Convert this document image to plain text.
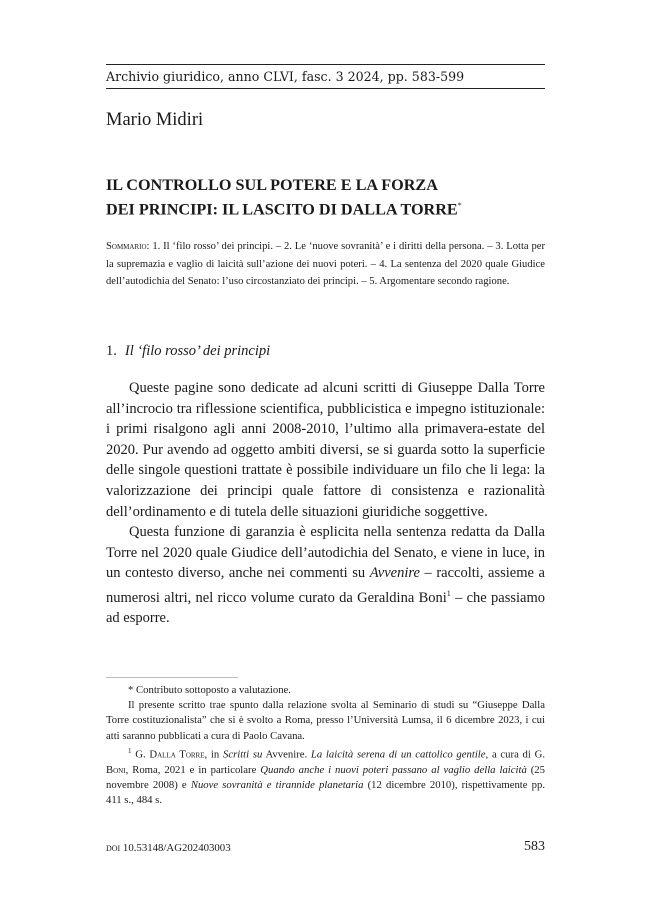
Archivio giuridico, anno CLVI, fasc. 3 2024, pp. 583-599
Mario Midiri
IL CONTROLLO SUL POTERE E LA FORZA
DEI PRINCIPI: IL LASCITO DI DALLA TORRE*
Sommario: 1. Il ‘filo rosso’ dei principi. – 2. Le ‘nuove sovranità’ e i diritti della persona. – 3. Lotta per la supremazia e vaglio di laicità sull’azione dei nuovi poteri. – 4. La sentenza del 2020 quale Giudice dell’autodichia del Senato: l’uso circostanziato dei principi. – 5. Argomentare secondo ragione.
1. Il ‘filo rosso’ dei principi

Queste pagine sono dedicate ad alcuni scritti di Giuseppe Dalla Torre all’incrocio tra riflessione scientifica, pubblicistica e impegno istituzionale: i primi risalgono agli anni 2008-2010, l’ultimo alla primavera-estate del 2020. Pur avendo ad oggetto ambiti diversi, se si guarda sotto la superficie delle singole questioni trattate è possibile individuare un filo che li lega: la valorizzazione dei principi quale fattore di consistenza e razionalità dell’ordinamento e di tutela delle situazioni giuridiche soggettive.

Questa funzione di garanzia è esplicita nella sentenza redatta da Dalla Torre nel 2020 quale Giudice dell’autodichia del Senato, e viene in luce, in un contesto diverso, anche nei commenti su Avvenire – raccolti, assieme a numerosi altri, nel ricco volume curato da Geraldina Boni$^1$ – che passiamo ad esporre.

* Contributo sottoposto a valutazione.

Il presente scritto trae spunto dalla relazione svolta al Seminario di studi su “Giuseppe Dalla Torre costituzionalista” che si è svolto a Roma, presso l’Università Lumsa, il 6 dicembre 2023, i cui atti saranno pubblicati a cura di Paolo Cavana.

$^1$ G. Dalla Torre, in Scritti su Avvenire. La laicità serena di un cattolico gentile, a cura di G. Boni, Roma, 2021 e in particolare Quando anche i nuovi poteri passano al vaglio della laicità (25 novembre 2008) e Nuove sovranità e tirannide planetaria (12 dicembre 2010), rispettivamente pp. 411 s., 484 s.

doi 10.53148/AG202403003	583
